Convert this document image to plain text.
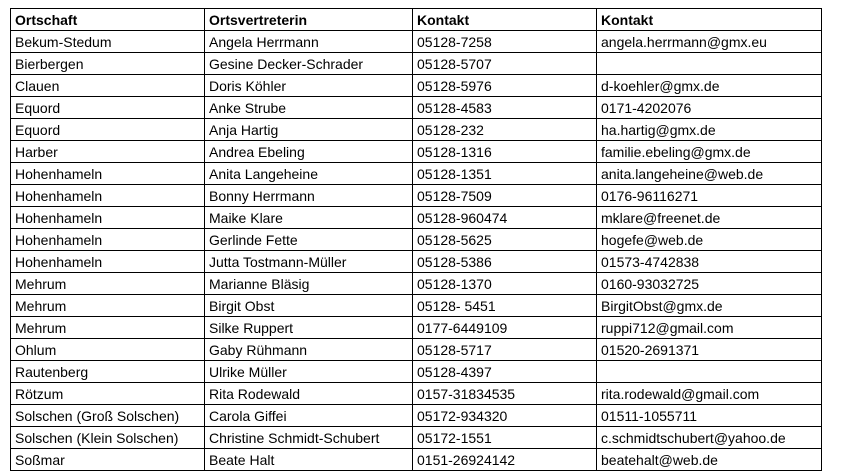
Ortschaft	Ortsvertreterin	Kontakt	Kontakt
Bekum-Stedum	Angela Herrmann	05128-7258	angela.herrmann@gmx.eu
Bierbergen	Gesine Decker-Schrader	05128-5707	
Clauen	Doris Köhler	05128-5976	d-koehler@gmx.de
Equord	Anke Strube	05128-4583	0171-4202076
Equord	Anja Hartig	05128-232	ha.hartig@gmx.de
Harber	Andrea Ebeling	05128-1316	familie.ebeling@gmx.de
Hohenhameln	Anita Langeheine	05128-1351	anita.langeheine@web.de
Hohenhameln	Bonny Herrmann	05128-7509	0176-96116271
Hohenhameln	Maike Klare	05128-960474	mklare@freenet.de
Hohenhameln	Gerlinde Fette	05128-5625	hogefe@web.de
Hohenhameln	Jutta Tostmann-Müller	05128-5386	01573-4742838
Mehrum	Marianne Bläsig	05128-1370	0160-93032725
Mehrum	Birgit Obst	05128- 5451	BirgitObst@gmx.de
Mehrum	Silke Ruppert	0177-6449109	ruppi712@gmail.com
Ohlum	Gaby Rühmann	05128-5717	01520-2691371
Rautenberg	Ulrike Müller	05128-4397	
Rötzum	Rita Rodewald	0157-31834535	rita.rodewald@gmail.com
Solschen (Groß Solschen)	Carola Giffei	05172-934320	01511-1055711
Solschen (Klein Solschen)	Christine Schmidt-Schubert	05172-1551	c.schmidtschubert@yahoo.de
Soßmar	Beate Halt	0151-26924142	beatehalt@web.de
